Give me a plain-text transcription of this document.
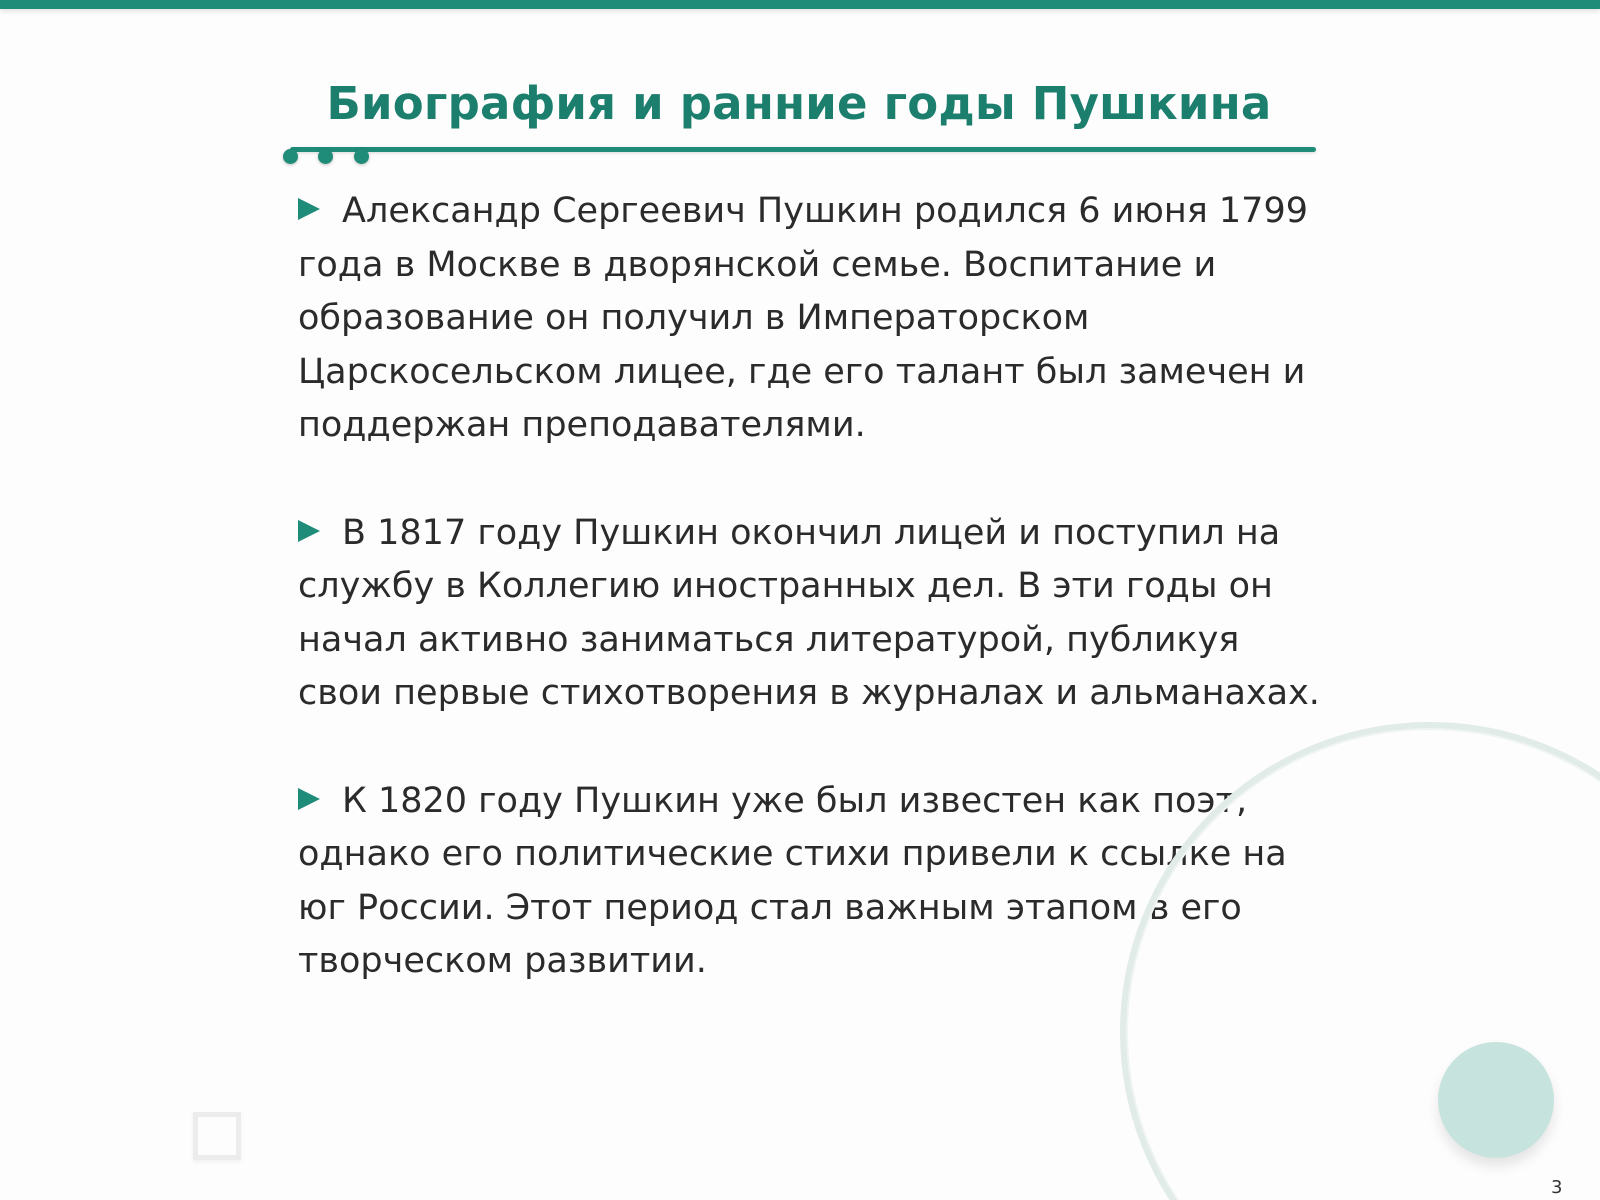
Биография и ранние годы Пушкина

Александр Сергеевич Пушкин родился 6 июня 1799 года в Москве в дворянской семье. Воспитание и образование он получил в Императорском Царскосельском лицее, где его талант был замечен и поддержан преподавателями.

В 1817 году Пушкин окончил лицей и поступил на службу в Коллегию иностранных дел. В эти годы он начал активно заниматься литературой, публикуя свои первые стихотворения в журналах и альманахах.

К 1820 году Пушкин уже был известен как поэт, однако его политические стихи привели к ссылке на юг России. Этот период стал важным этапом в его творческом развитии.

3
